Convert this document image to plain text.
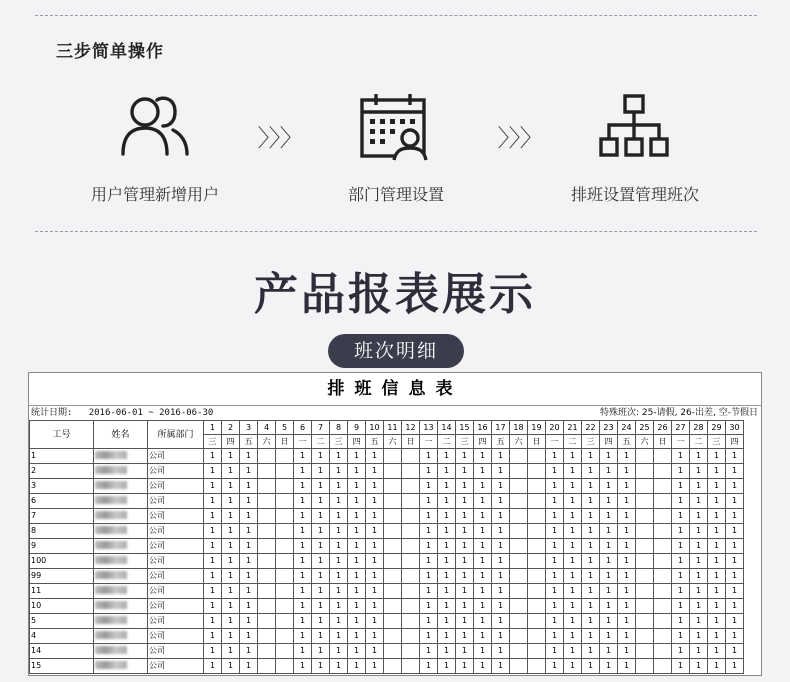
三步简单操作
用户管理新增用户
〉〉〉
部门管理设置
〉〉〉
排班设置管理班次
产品报表展示
班次明细
排班信息表
统计日期: 2016-06-01 ~ 2016-06-30	特殊班次: 25-请假, 26-出差, 空-节假日
工号	姓名	所属部门	1	2	3	4	5	6	7	8	9	10	11	12	13	14	15	16	17	18	19	20	21	22	23	24	25	26	27	28	29	30
			三	四	五	六	日	一	二	三	四	五	六	日	一	二	三	四	五	六	日	一	二	三	四	五	六	日	一	二	三	四
1		公司	1	1	1			1	1	1	1	1			1	1	1	1	1			1	1	1	1	1			1	1	1	1
2		公司	1	1	1			1	1	1	1	1			1	1	1	1	1			1	1	1	1	1			1	1	1	1
3		公司	1	1	1			1	1	1	1	1			1	1	1	1	1			1	1	1	1	1			1	1	1	1
6		公司	1	1	1			1	1	1	1	1			1	1	1	1	1			1	1	1	1	1			1	1	1	1
7		公司	1	1	1			1	1	1	1	1			1	1	1	1	1			1	1	1	1	1			1	1	1	1
8		公司	1	1	1			1	1	1	1	1			1	1	1	1	1			1	1	1	1	1			1	1	1	1
9		公司	1	1	1			1	1	1	1	1			1	1	1	1	1			1	1	1	1	1			1	1	1	1
100		公司	1	1	1			1	1	1	1	1			1	1	1	1	1			1	1	1	1	1			1	1	1	1
99		公司	1	1	1			1	1	1	1	1			1	1	1	1	1			1	1	1	1	1			1	1	1	1
11		公司	1	1	1			1	1	1	1	1			1	1	1	1	1			1	1	1	1	1			1	1	1	1
10		公司	1	1	1			1	1	1	1	1			1	1	1	1	1			1	1	1	1	1			1	1	1	1
5		公司	1	1	1			1	1	1	1	1			1	1	1	1	1			1	1	1	1	1			1	1	1	1
4		公司	1	1	1			1	1	1	1	1			1	1	1	1	1			1	1	1	1	1			1	1	1	1
14		公司	1	1	1			1	1	1	1	1			1	1	1	1	1			1	1	1	1	1			1	1	1	1
15		公司	1	1	1			1	1	1	1	1			1	1	1	1	1			1	1	1	1	1			1	1	1	1
